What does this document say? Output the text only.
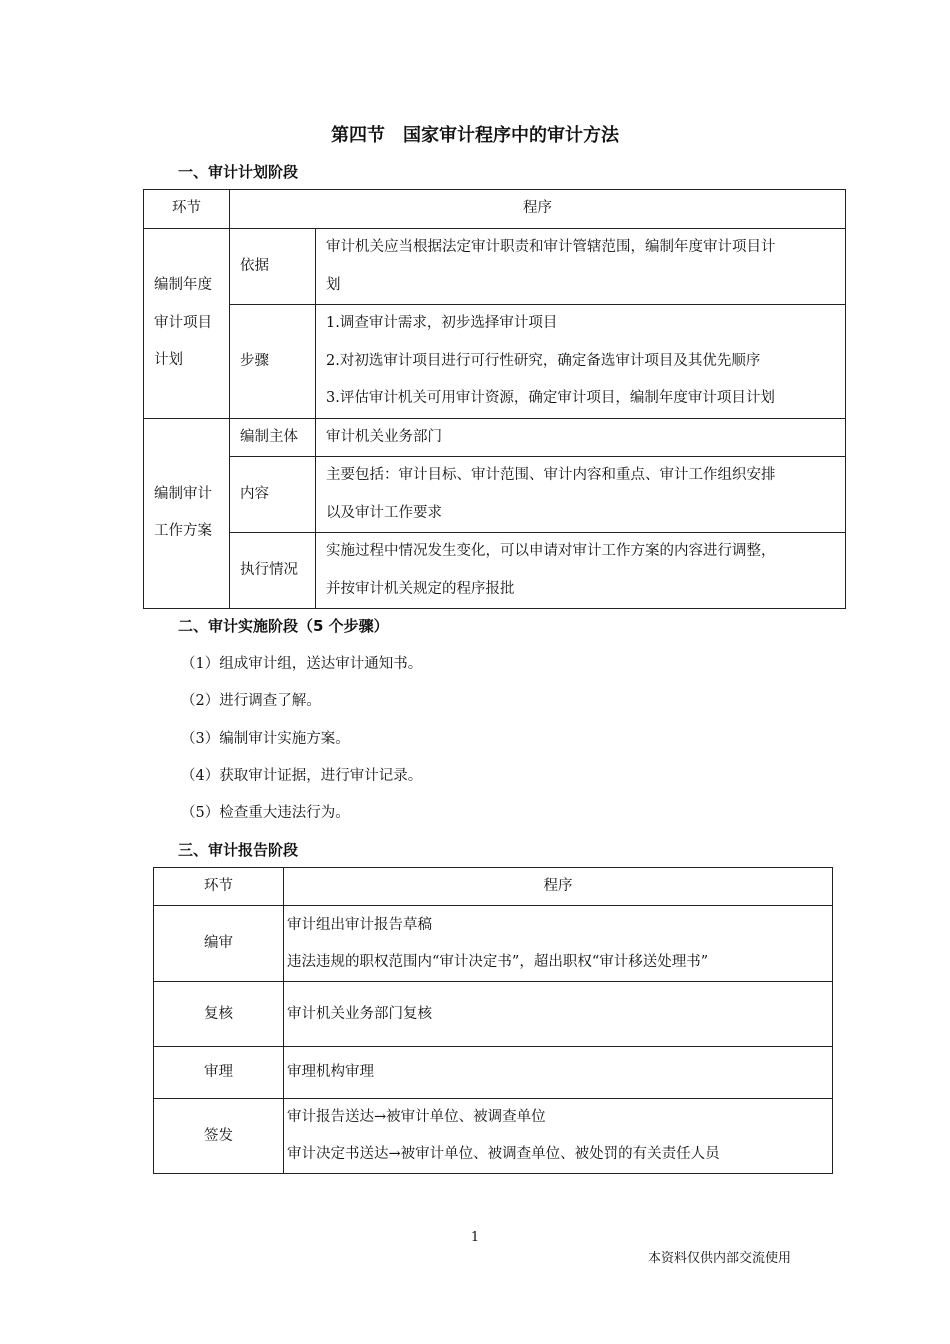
第四节　国家审计程序中的审计方法
一、审计计划阶段
环节	程序	

编制年度
审计项目
计划	依据	审计机关应当根据法定审计职责和审计管辖范围，编制年度审计项目计
划

	步骤	1.调查审计需求，初步选择审计项目
2.对初选审计项目进行可行性研究，确定备选审计项目及其优先顺序
3.评估审计机关可用审计资源，确定审计项目，编制年度审计项目计划

编制审计
工作方案	编制主体	审计机关业务部门

	内容	主要包括：审计目标、审计范围、审计内容和重点、审计工作组织安排
以及审计工作要求

	执行情况	实施过程中情况发生变化，可以申请对审计工作方案的内容进行调整，
并按审计机关规定的程序报批
二、审计实施阶段（5 个步骤）
（1）组成审计组，送达审计通知书。
（2）进行调查了解。
（3）编制审计实施方案。
（4）获取审计证据，进行审计记录。
（5）检查重大违法行为。
三、审计报告阶段
环节	程序
编审	审计组出审计报告草稿
违法违规的职权范围内“审计决定书”，超出职权“审计移送处理书”

复核	审计机关业务部门复核

审理	审理机构审理

签发	审计报告送达→被审计单位、被调查单位
审计决定书送达→被审计单位、被调查单位、被处罚的有关责任人员
1
本资料仅供内部交流使用
